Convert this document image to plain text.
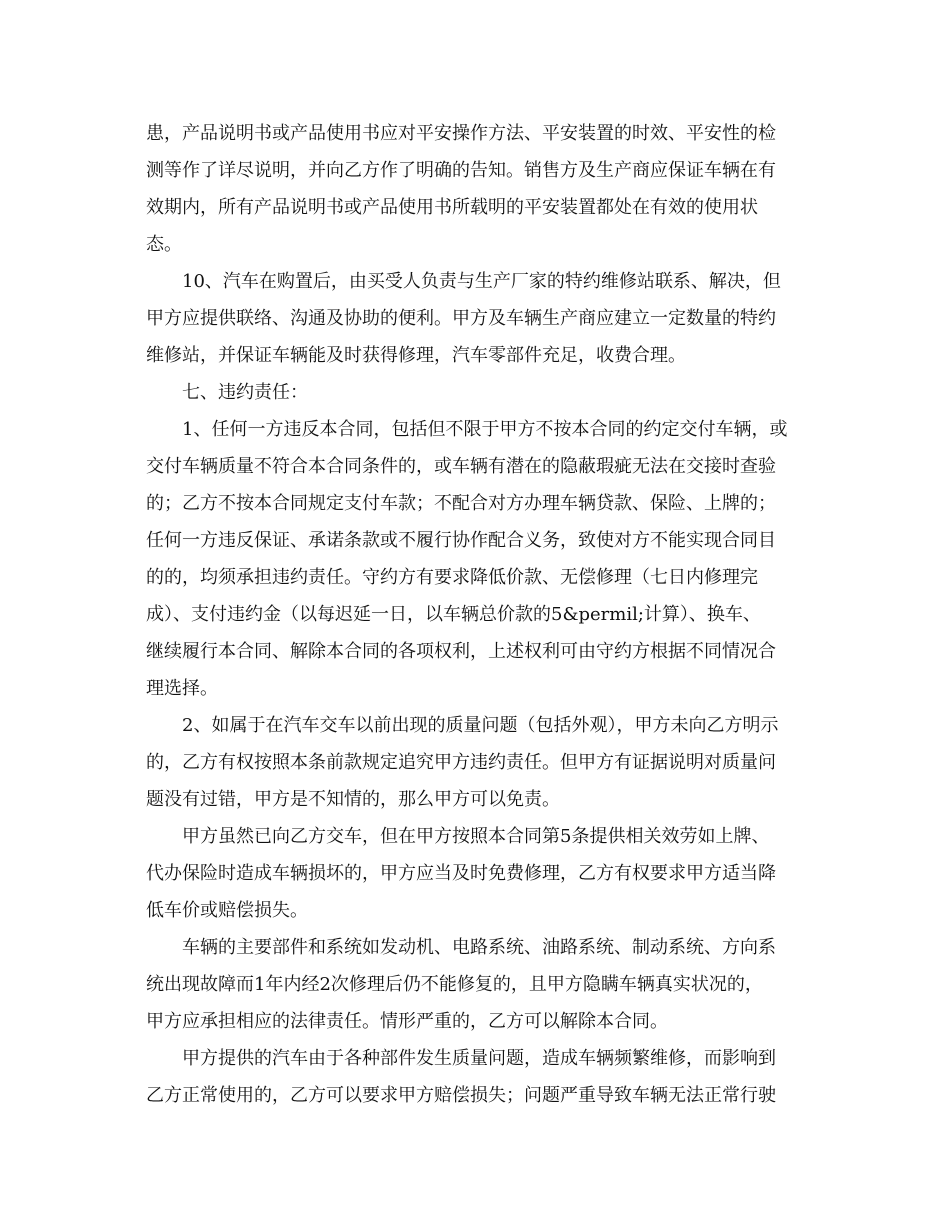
患，产品说明书或产品使用书应对平安操作方法、平安装置的时效、平安性的检
测等作了详尽说明，并向乙方作了明确的告知。销售方及生产商应保证车辆在有
效期内，所有产品说明书或产品使用书所载明的平安装置都处在有效的使用状
态。
10、汽车在购置后，由买受人负责与生产厂家的特约维修站联系、解决，但
甲方应提供联络、沟通及协助的便利。甲方及车辆生产商应建立一定数量的特约
维修站，并保证车辆能及时获得修理，汽车零部件充足，收费合理。
七、违约责任：
1、任何一方违反本合同，包括但不限于甲方不按本合同的约定交付车辆，或
交付车辆质量不符合本合同条件的，或车辆有潜在的隐蔽瑕疵无法在交接时查验
的；乙方不按本合同规定支付车款；不配合对方办理车辆贷款、保险、上牌的；
任何一方违反保证、承诺条款或不履行协作配合义务，致使对方不能实现合同目
的的，均须承担违约责任。守约方有要求降低价款、无偿修理（七日内修理完
成）、支付违约金（以每迟延一日，以车辆总价款的5&permil;计算）、换车、
继续履行本合同、解除本合同的各项权利，上述权利可由守约方根据不同情况合
理选择。
2、如属于在汽车交车以前出现的质量问题（包括外观），甲方未向乙方明示
的，乙方有权按照本条前款规定追究甲方违约责任。但甲方有证据说明对质量问
题没有过错，甲方是不知情的，那么甲方可以免责。
甲方虽然已向乙方交车，但在甲方按照本合同第5条提供相关效劳如上牌、
代办保险时造成车辆损坏的，甲方应当及时免费修理，乙方有权要求甲方适当降
低车价或赔偿损失。
车辆的主要部件和系统如发动机、电路系统、油路系统、制动系统、方向系
统出现故障而1年内经2次修理后仍不能修复的，且甲方隐瞒车辆真实状况的，
甲方应承担相应的法律责任。情形严重的，乙方可以解除本合同。
甲方提供的汽车由于各种部件发生质量问题，造成车辆频繁维修，而影响到
乙方正常使用的，乙方可以要求甲方赔偿损失；问题严重导致车辆无法正常行驶
